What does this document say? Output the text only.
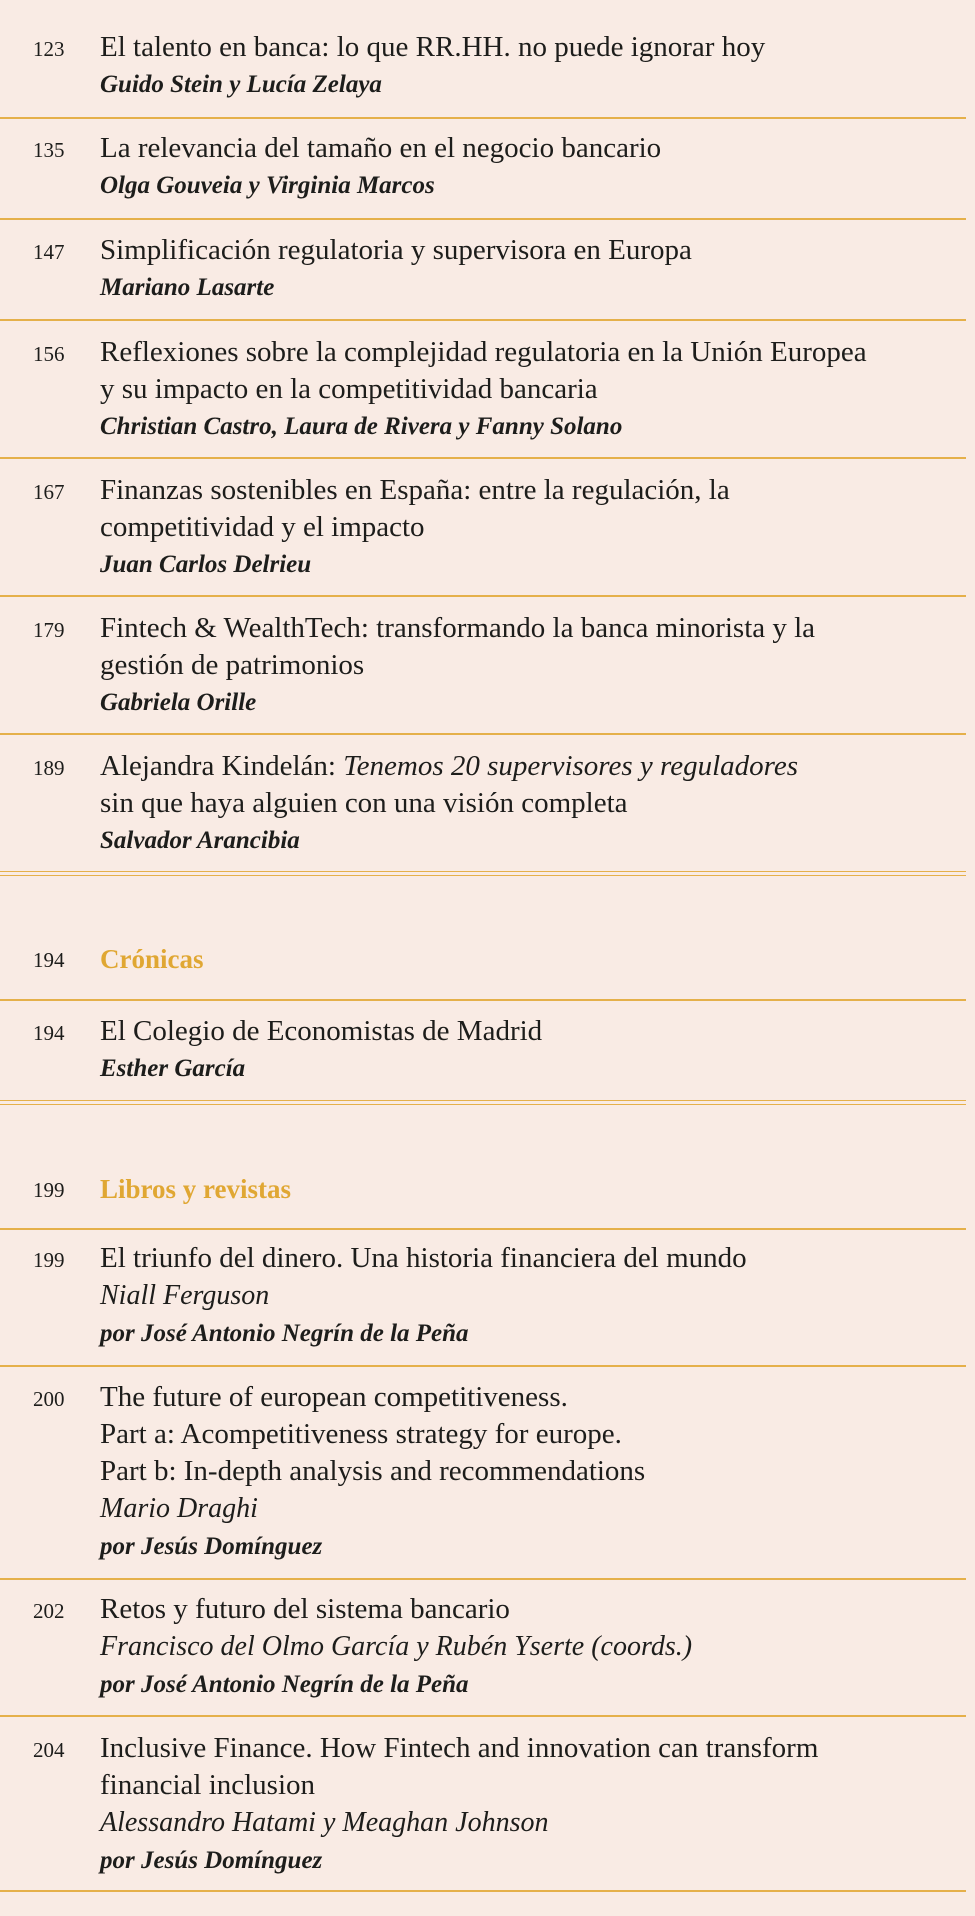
123 El talento en banca: lo que RR.HH. no puede ignorar hoy
Guido Stein y Lucía Zelaya
135 La relevancia del tamaño en el negocio bancario
Olga Gouveia y Virginia Marcos
147 Simplificación regulatoria y supervisora en Europa
Mariano Lasarte
156 Reflexiones sobre la complejidad regulatoria en la Unión Europea
y su impacto en la competitividad bancaria
Christian Castro, Laura de Rivera y Fanny Solano
167 Finanzas sostenibles en España: entre la regulación, la
competitividad y el impacto
Juan Carlos Delrieu
179 Fintech & WealthTech: transformando la banca minorista y la
gestión de patrimonios
Gabriela Orille
189 Alejandra Kindelán: Tenemos 20 supervisores y reguladores
sin que haya alguien con una visión completa
Salvador Arancibia
194 Crónicas
194 El Colegio de Economistas de Madrid
Esther García
199 Libros y revistas
199 El triunfo del dinero. Una historia financiera del mundo
Niall Ferguson
por José Antonio Negrín de la Peña
200 The future of european competitiveness.
Part a: Acompetitiveness strategy for europe.
Part b: In-depth analysis and recommendations
Mario Draghi
por Jesús Domínguez
202 Retos y futuro del sistema bancario
Francisco del Olmo García y Rubén Yserte (coords.)
por José Antonio Negrín de la Peña
204 Inclusive Finance. How Fintech and innovation can transform
financial inclusion
Alessandro Hatami y Meaghan Johnson
por Jesús Domínguez
